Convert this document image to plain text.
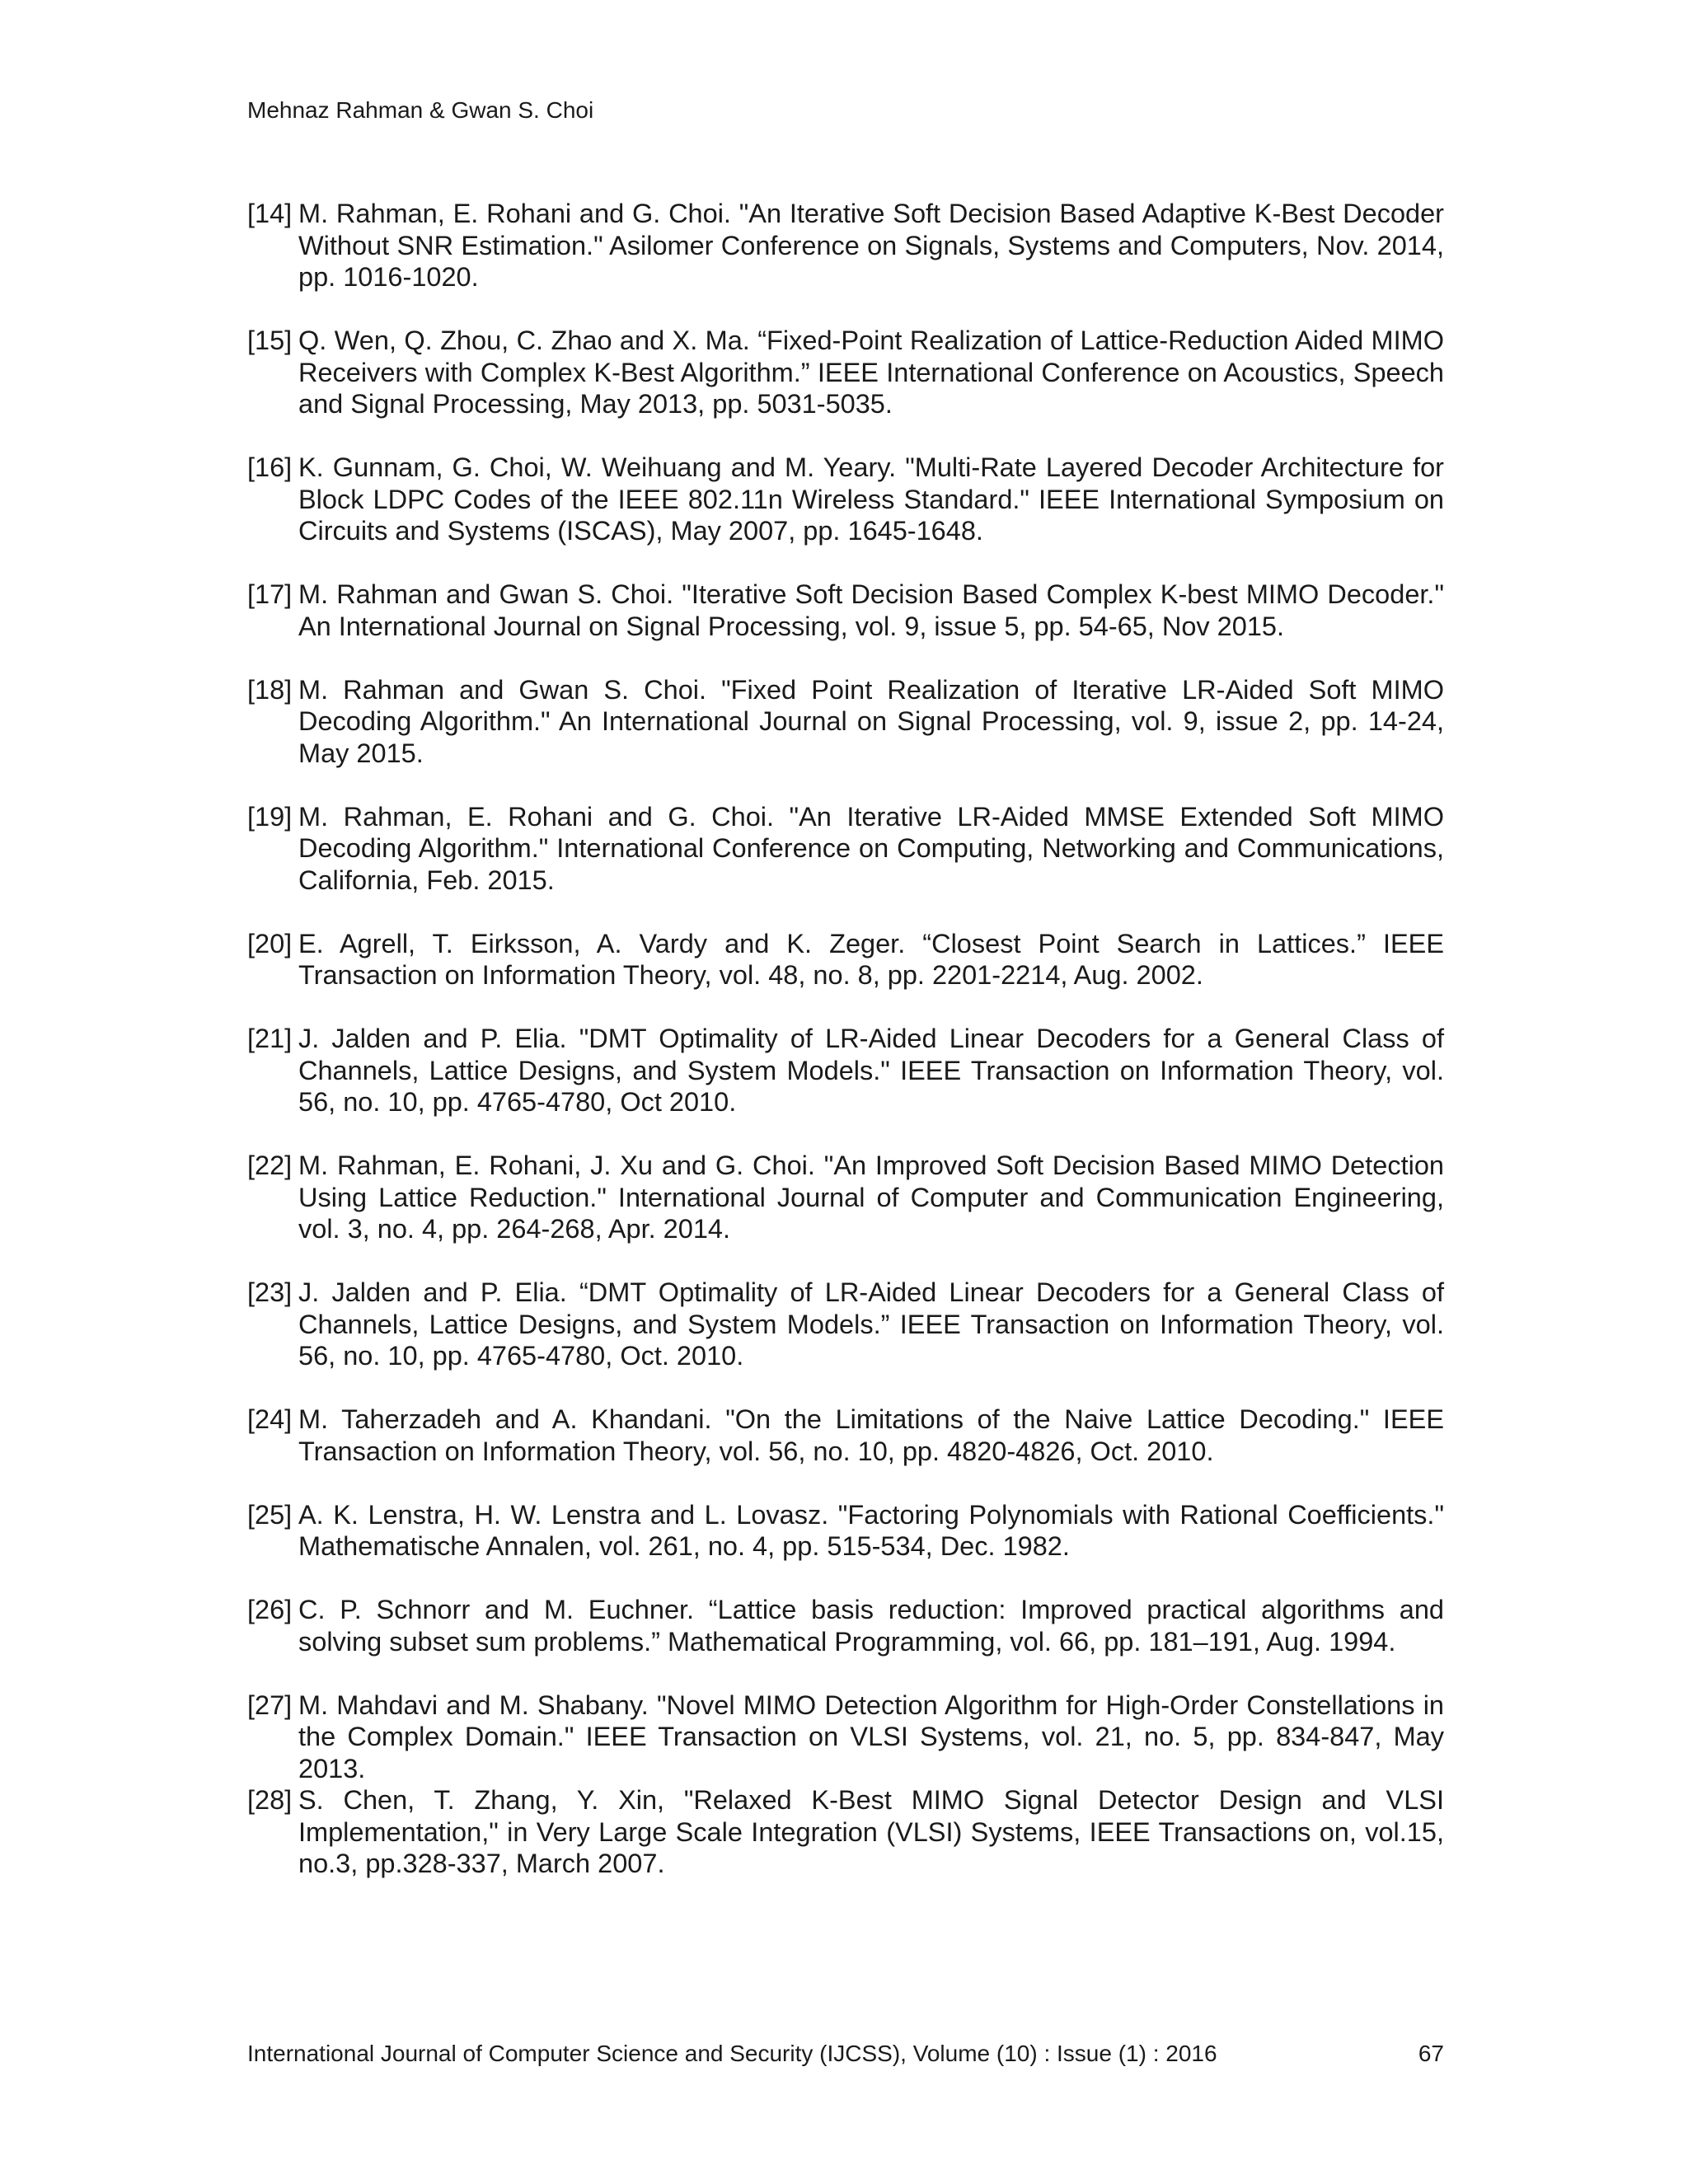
Mehnaz Rahman & Gwan S. Choi
[14] M. Rahman, E. Rohani and G. Choi. "An Iterative Soft Decision Based Adaptive K-Best Decoder Without SNR Estimation." Asilomer Conference on Signals, Systems and Computers, Nov. 2014, pp. 1016-1020.
[15] Q. Wen, Q. Zhou, C. Zhao and X. Ma. “Fixed-Point Realization of Lattice-Reduction Aided MIMO Receivers with Complex K-Best Algorithm.” IEEE International Conference on Acoustics, Speech and Signal Processing, May 2013, pp. 5031-5035.
[16] K. Gunnam, G. Choi, W. Weihuang and M. Yeary. "Multi-Rate Layered Decoder Architecture for Block LDPC Codes of the IEEE 802.11n Wireless Standard." IEEE International Symposium on Circuits and Systems (ISCAS), May 2007, pp. 1645-1648.
[17] M. Rahman and Gwan S. Choi. "Iterative Soft Decision Based Complex K-best MIMO Decoder." An International Journal on Signal Processing, vol. 9, issue 5, pp. 54-65, Nov 2015.
[18] M. Rahman and Gwan S. Choi. "Fixed Point Realization of Iterative LR-Aided Soft MIMO Decoding Algorithm." An International Journal on Signal Processing, vol. 9, issue 2, pp. 14-24, May 2015.
[19] M. Rahman, E. Rohani and G. Choi. "An Iterative LR-Aided MMSE Extended Soft MIMO Decoding Algorithm." International Conference on Computing, Networking and Communications, California, Feb. 2015.
[20] E. Agrell, T. Eirksson, A. Vardy and K. Zeger. “Closest Point Search in Lattices.” IEEE Transaction on Information Theory, vol. 48, no. 8, pp. 2201-2214, Aug. 2002.
[21] J. Jalden and P. Elia. "DMT Optimality of LR-Aided Linear Decoders for a General Class of Channels, Lattice Designs, and System Models." IEEE Transaction on Information Theory, vol. 56, no. 10, pp. 4765-4780, Oct 2010.
[22] M. Rahman, E. Rohani, J. Xu and G. Choi. "An Improved Soft Decision Based MIMO Detection Using Lattice Reduction." International Journal of Computer and Communication Engineering, vol. 3, no. 4, pp. 264-268, Apr. 2014.
[23] J. Jalden and P. Elia. “DMT Optimality of LR-Aided Linear Decoders for a General Class of Channels, Lattice Designs, and System Models.” IEEE Transaction on Information Theory, vol. 56, no. 10, pp. 4765-4780, Oct. 2010.
[24] M. Taherzadeh and A. Khandani. "On the Limitations of the Naive Lattice Decoding." IEEE Transaction on Information Theory, vol. 56, no. 10, pp. 4820-4826, Oct. 2010.
[25] A. K. Lenstra, H. W. Lenstra and L. Lovasz. "Factoring Polynomials with Rational Coefficients." Mathematische Annalen, vol. 261, no. 4, pp. 515-534, Dec. 1982.
[26] C. P. Schnorr and M. Euchner. “Lattice basis reduction: Improved practical algorithms and solving subset sum problems.” Mathematical Programming, vol. 66, pp. 181–191, Aug. 1994.
[27] M. Mahdavi and M. Shabany. "Novel MIMO Detection Algorithm for High-Order Constellations in the Complex Domain." IEEE Transaction on VLSI Systems, vol. 21, no. 5, pp. 834-847, May 2013.
[28] S. Chen, T. Zhang, Y. Xin, "Relaxed K-Best MIMO Signal Detector Design and VLSI Implementation," in Very Large Scale Integration (VLSI) Systems, IEEE Transactions on, vol.15, no.3, pp.328-337, March 2007.
International Journal of Computer Science and Security (IJCSS), Volume (10) : Issue (1) : 2016	67
